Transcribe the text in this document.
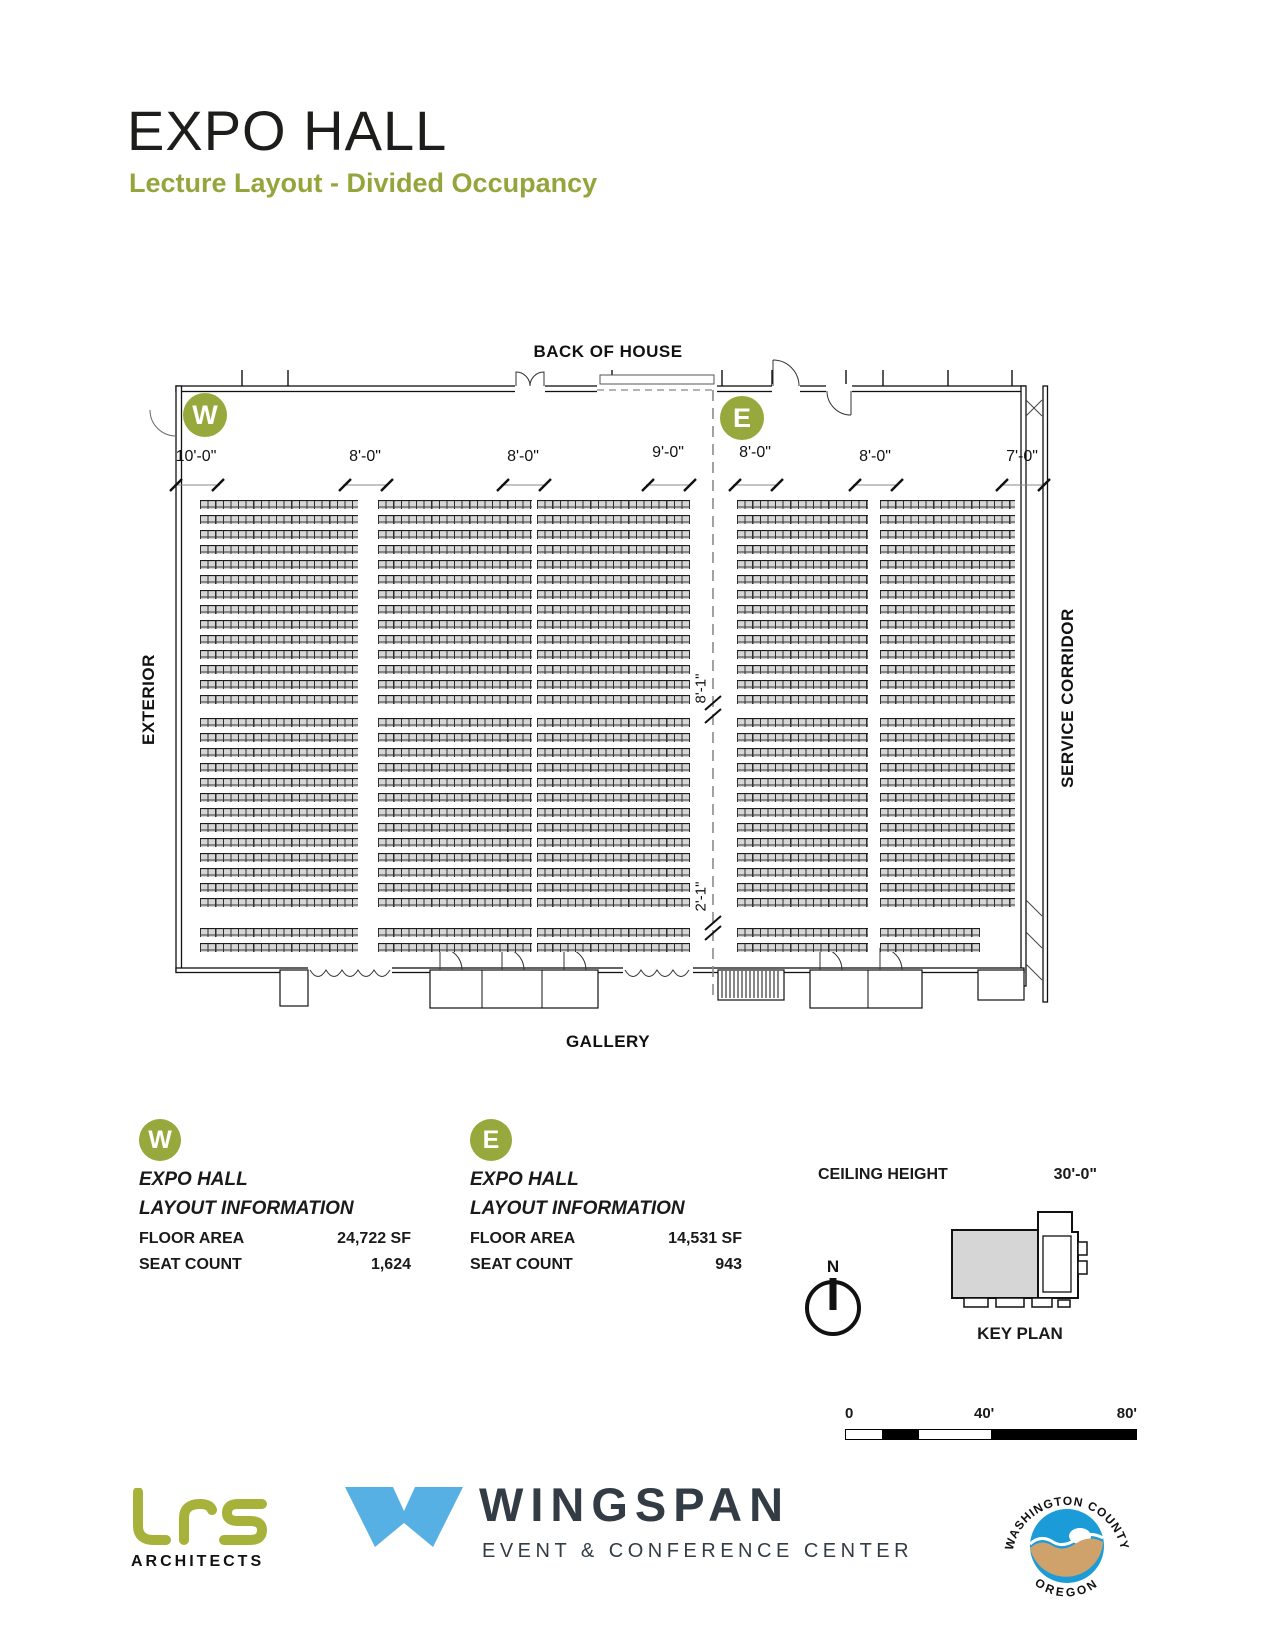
EXPO HALL
Lecture Layout - Divided Occupancy
BACK OF HOUSE
GALLERY
EXTERIOR	SERVICE CORRIDOR
W	E
10'-0"	8'-0"	8'-0"	9'-0"	8'-0"	8'-0"	7'-0"
8'-1"
2'-1"
W
EXPO HALL
LAYOUT INFORMATION
FLOOR AREA	24,722 SF
SEAT COUNT	1,624
E
EXPO HALL
LAYOUT INFORMATION
FLOOR AREA	14,531 SF
SEAT COUNT	943
CEILING HEIGHT	30'-0"
KEY PLAN
N
0	40'	80'
ARCHITECTS
WINGSPAN
EVENT & CONFERENCE CENTER	WASHINGTON COUNTY
OREGON
